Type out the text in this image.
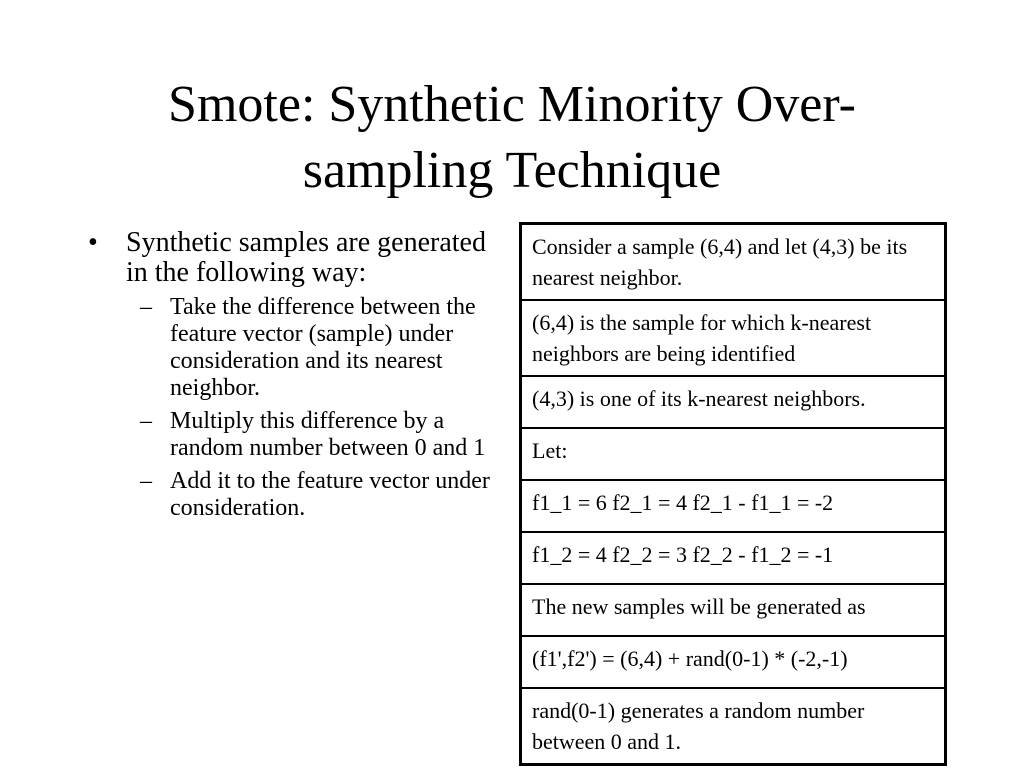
Smote: Synthetic Minority Over-
sampling Technique
• Synthetic samples are generated in the following way:
– Take the difference between the feature vector (sample) under consideration and its nearest neighbor.
– Multiply this difference by a random number between 0 and 1
– Add it to the feature vector under consideration.
Consider a sample (6,4) and let (4,3) be its nearest neighbor.
(6,4) is the sample for which k-nearest neighbors are being identified
(4,3) is one of its k-nearest neighbors.
Let:
f1_1 = 6 f2_1 = 4 f2_1 - f1_1 = -2
f1_2 = 4 f2_2 = 3 f2_2 - f1_2 = -1
The new samples will be generated as
(f1',f2') = (6,4) + rand(0-1) * (-2,-1)
rand(0-1) generates a random number between 0 and 1.
